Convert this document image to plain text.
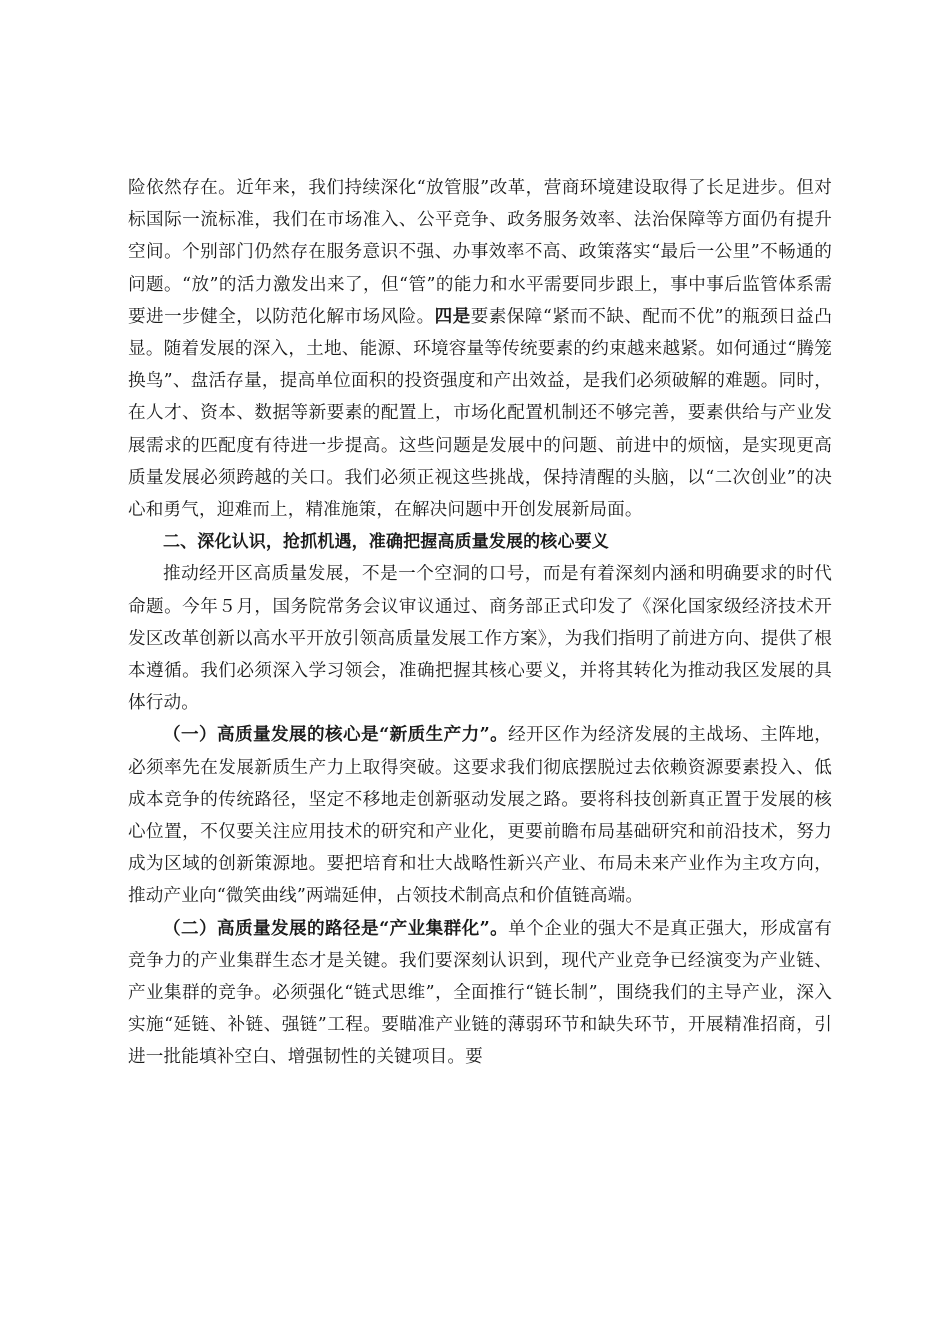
险依然存在。近年来，我们持续深化“放管服”改革，营商环境建设取得了长足进步。但对标国际一流标准，我们在市场准入、公平竞争、政务服务效率、法治保障等方面仍有提升空间。个别部门仍然存在服务意识不强、办事效率不高、政策落实“最后一公里”不畅通的问题。“放”的活力激发出来了，但“管”的能力和水平需要同步跟上，事中事后监管体系需要进一步健全，以防范化解市场风险。四是要素保障“紧而不缺、配而不优”的瓶颈日益凸显。随着发展的深入，土地、能源、环境容量等传统要素的约束越来越紧。如何通过“腾笼换鸟”、盘活存量，提高单位面积的投资强度和产出效益，是我们必须破解的难题。同时，在人才、资本、数据等新要素的配置上，市场化配置机制还不够完善，要素供给与产业发展需求的匹配度有待进一步提高。这些问题是发展中的问题、前进中的烦恼，是实现更高质量发展必须跨越的关口。我们必须正视这些挑战，保持清醒的头脑，以“二次创业”的决心和勇气，迎难而上，精准施策，在解决问题中开创发展新局面。

二、深化认识，抢抓机遇，准确把握高质量发展的核心要义

推动经开区高质量发展，不是一个空洞的口号，而是有着深刻内涵和明确要求的时代命题。今年５月，国务院常务会议审议通过、商务部正式印发了《深化国家级经济技术开发区改革创新以高水平开放引领高质量发展工作方案》，为我们指明了前进方向、提供了根本遵循。我们必须深入学习领会，准确把握其核心要义，并将其转化为推动我区发展的具体行动。

（一）高质量发展的核心是“新质生产力”。经开区作为经济发展的主战场、主阵地，必须率先在发展新质生产力上取得突破。这要求我们彻底摆脱过去依赖资源要素投入、低成本竞争的传统路径，坚定不移地走创新驱动发展之路。要将科技创新真正置于发展的核心位置，不仅要关注应用技术的研究和产业化，更要前瞻布局基础研究和前沿技术，努力成为区域的创新策源地。要把培育和壮大战略性新兴产业、布局未来产业作为主攻方向，推动产业向“微笑曲线”两端延伸，占领技术制高点和价值链高端。

（二）高质量发展的路径是“产业集群化”。单个企业的强大不是真正强大，形成富有竞争力的产业集群生态才是关键。我们要深刻认识到，现代产业竞争已经演变为产业链、产业集群的竞争。必须强化“链式思维”，全面推行“链长制”，围绕我们的主导产业，深入实施“延链、补链、强链”工程。要瞄准产业链的薄弱环节和缺失环节，开展精准招商，引进一批能填补空白、增强韧性的关键项目。要
